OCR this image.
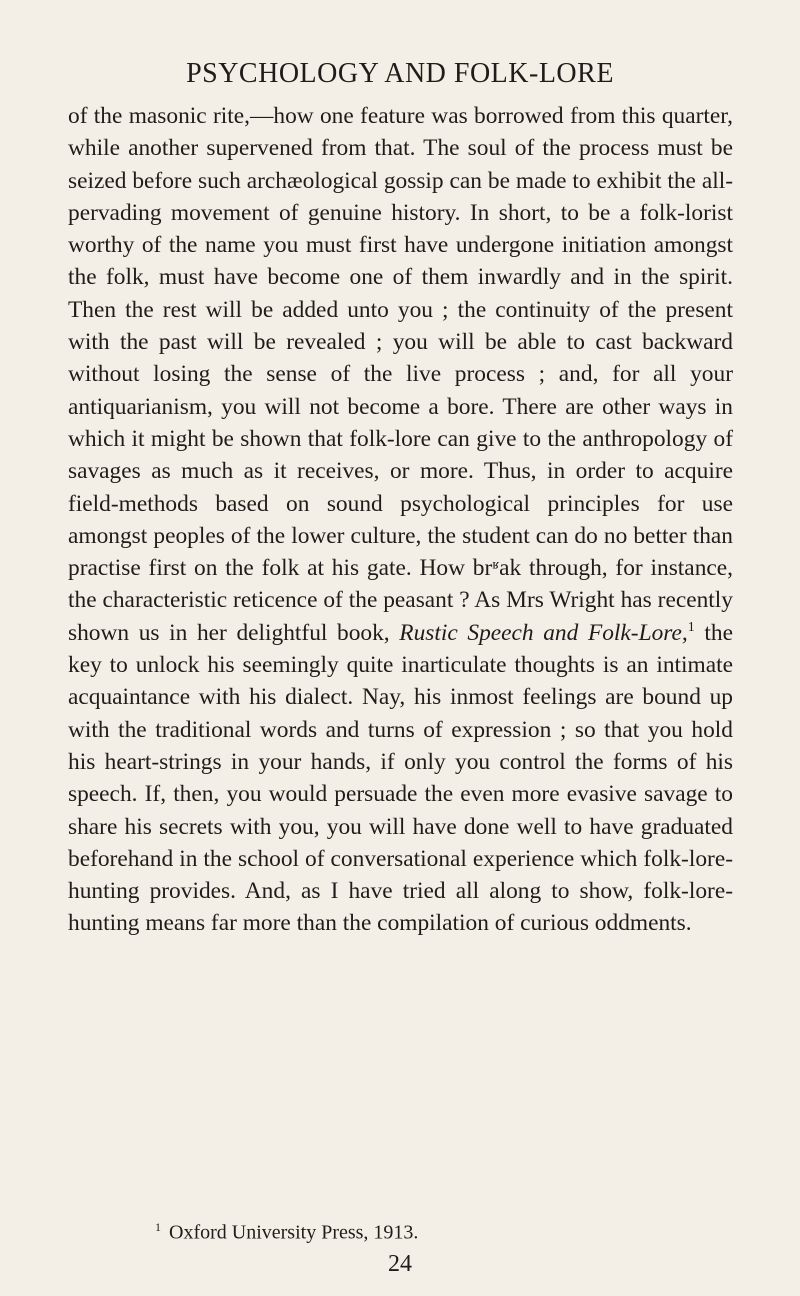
PSYCHOLOGY AND FOLK-LORE
of the masonic rite,—how one feature was borrowed from this quarter, while another supervened from that. The soul of the process must be seized before such archæological gossip can be made to exhibit the all-pervading movement of genuine history. In short, to be a folk-lorist worthy of the name you must first have undergone initiation amongst the folk, must have become one of them inwardly and in the spirit. Then the rest will be added unto you ; the continuity of the present with the past will be revealed ; you will be able to cast backward without losing the sense of the live process ; and, for all your antiquarianism, you will not become a bore. There are other ways in which it might be shown that folk-lore can give to the anthropology of savages as much as it receives, or more. Thus, in order to acquire field-methods based on sound psychological principles for use amongst peoples of the lower culture, the student can do no better than practise first on the folk at his gate. How brʶak through, for instance, the characteristic reticence of the peasant ? As Mrs Wright has recently shown us in her delightful book, Rustic Speech and Folk-Lore,$^1$ the key to unlock his seemingly quite inarticulate thoughts is an intimate acquaintance with his dialect. Nay, his inmost feelings are bound up with the traditional words and turns of expression ; so that you hold his heart-strings in your hands, if only you control the forms of his speech. If, then, you would persuade the even more evasive savage to share his secrets with you, you will have done well to have graduated beforehand in the school of conversational experience which folk-lore-hunting provides. And, as I have tried all along to show, folk-lore-hunting means far more than the compilation of curious oddments.
$^1$ Oxford University Press, 1913.
24
